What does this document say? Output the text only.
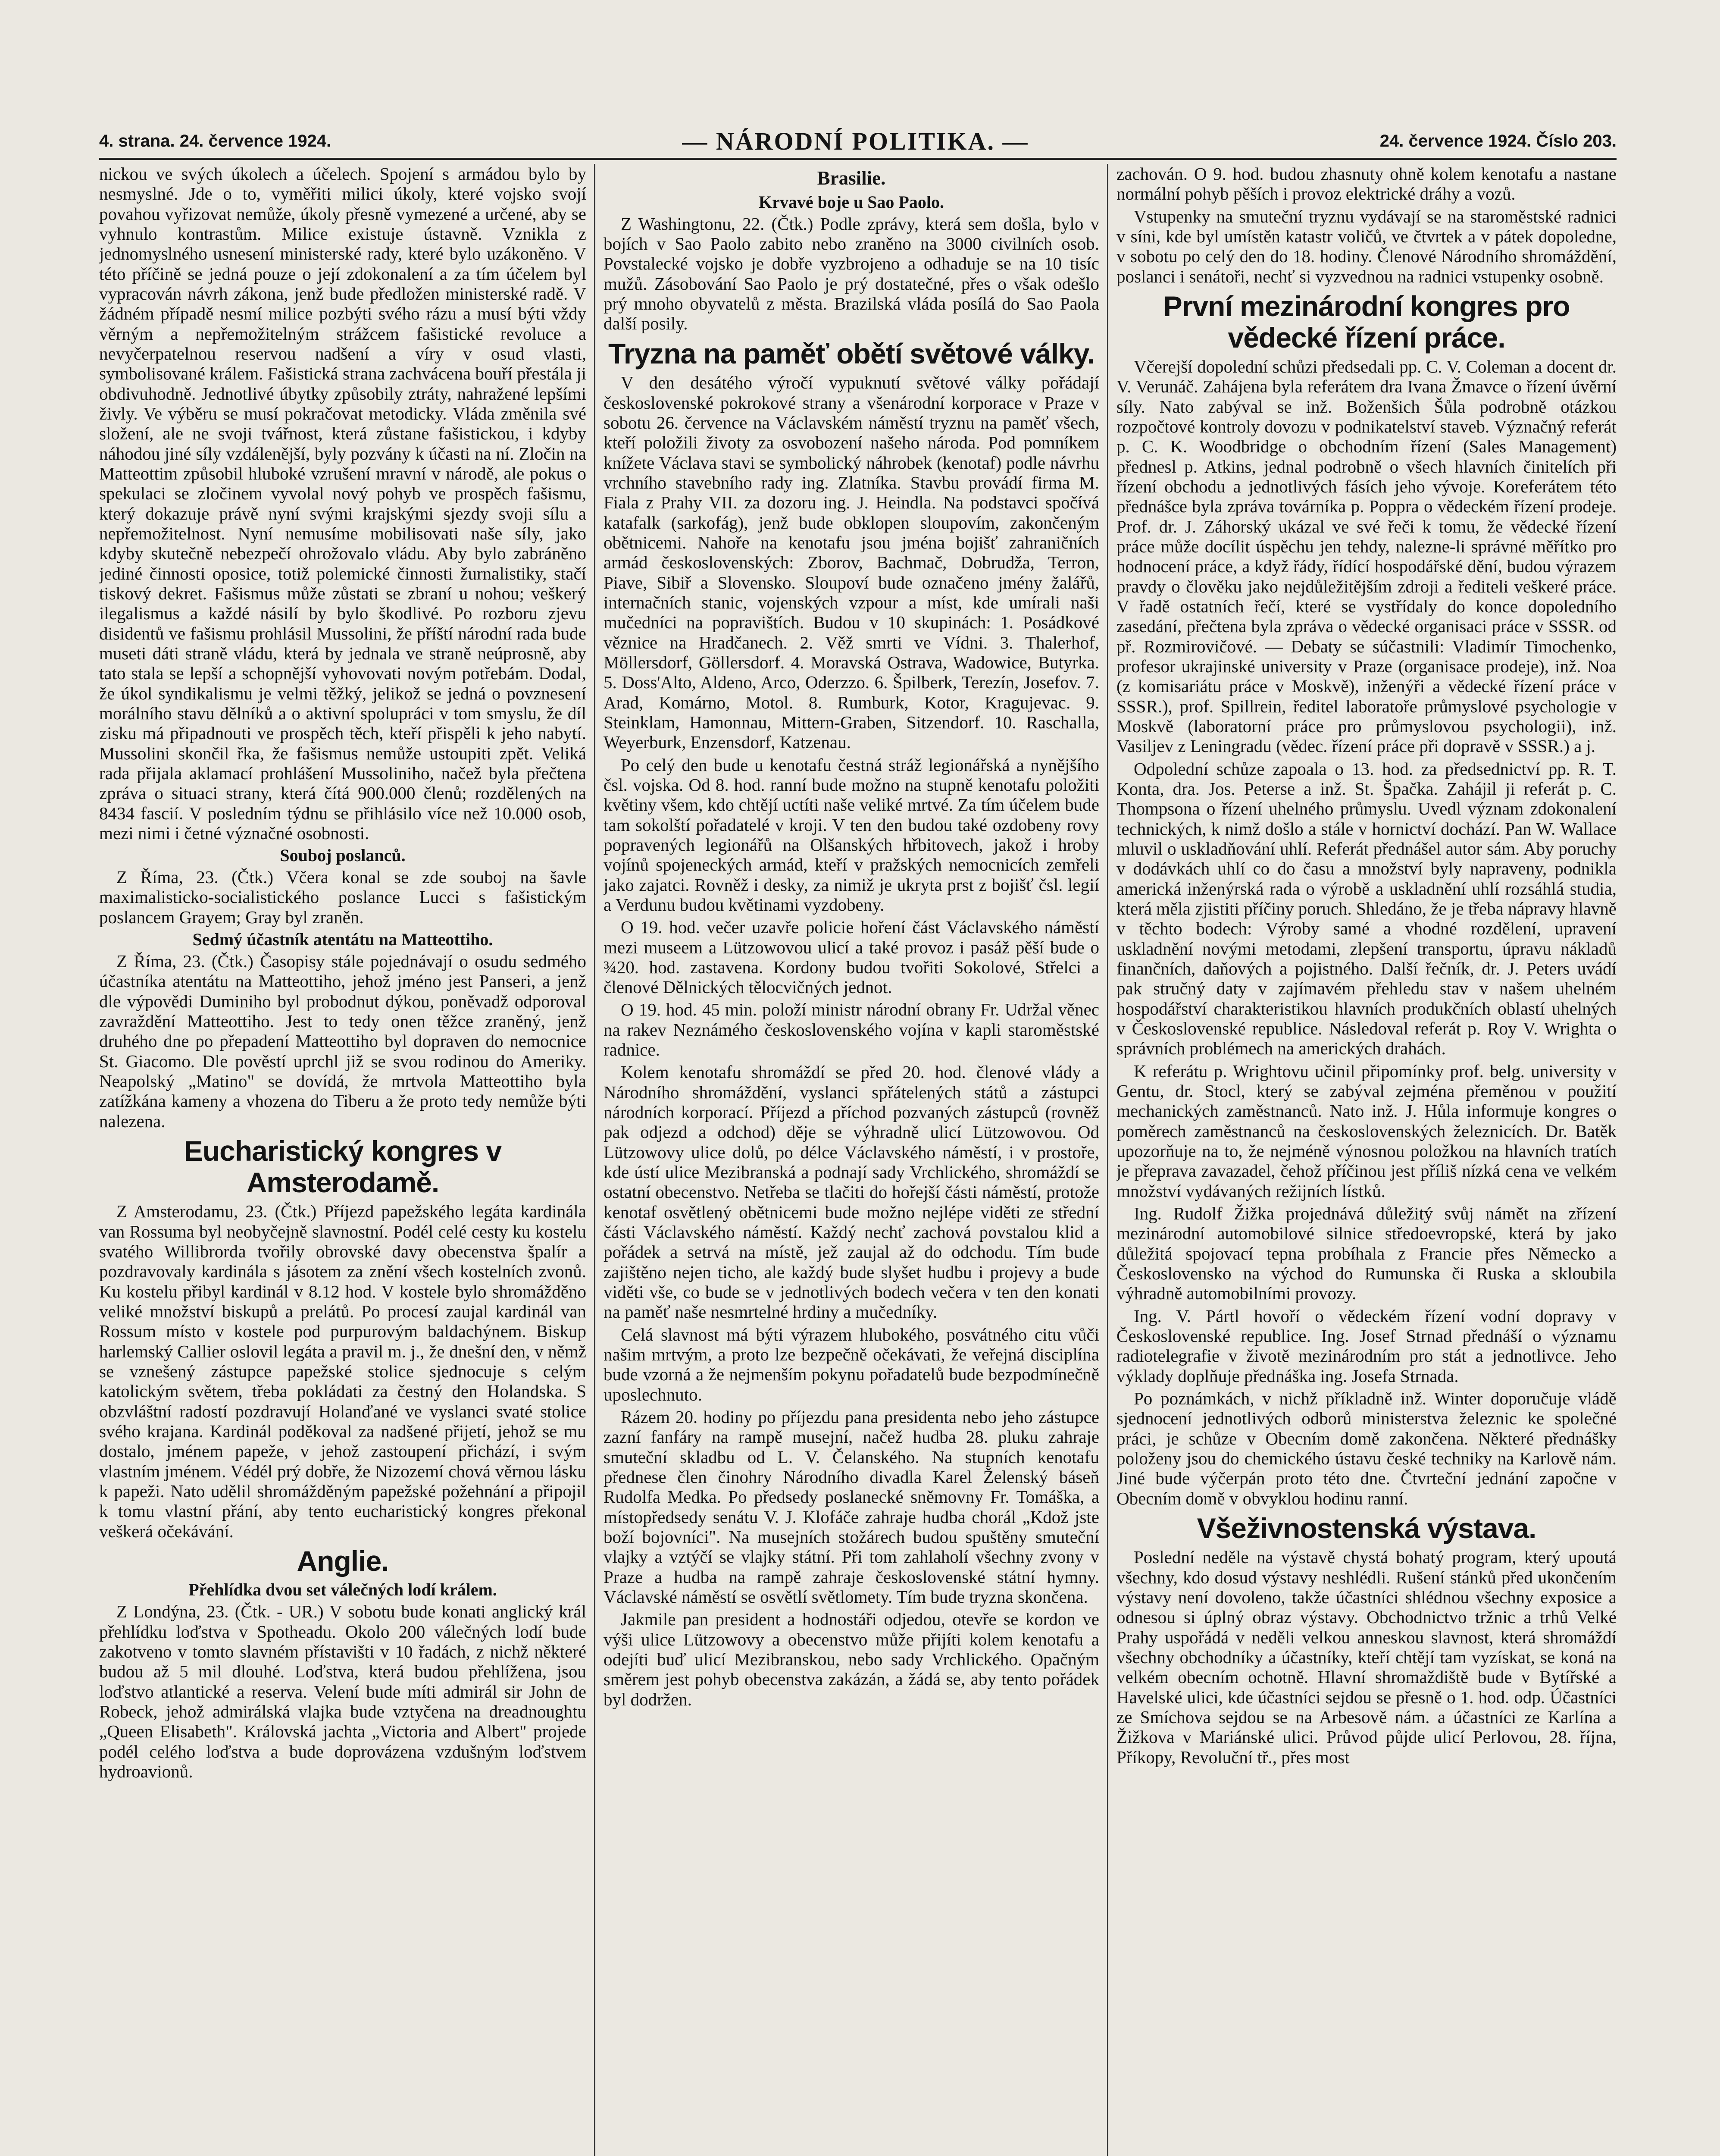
4. strana. 24. července 1924.	— NÁRODNÍ POLITIKA. —	24. července 1924. Číslo 203.

nickou ve svých úkolech a účelech. Spojení s armádou bylo by nesmyslné. Jde o to, vyměřiti milici úkoly, které vojsko svojí povahou vyřizovat nemůže, úkoly přesně vymezené a určené, aby se vyhnulo kontrastům. Milice existuje ústavně. Vznikla z jednomyslného usnesení ministerské rady, které bylo uzákoněno. V této příčině se jedná pouze o její zdokonalení a za tím účelem byl vypracován návrh zákona, jenž bude předložen ministerské radě. V žádném případě nesmí milice pozbýti svého rázu a musí býti vždy věrným a nepřemožitelným strážcem fašistické revoluce a nevyčerpatelnou reservou nadšení a víry v osud vlasti, symbolisované králem. Fašistická strana zachvácena bouří přestála ji obdivuhodně. Jednotlivé úbytky způsobily ztráty, nahražené lepšími živly. Ve výběru se musí pokračovat metodicky. Vláda změnila své složení, ale ne svoji tvářnost, která zůstane fašistickou, i kdyby náhodou jiné síly vzdálenější, byly pozvány k účasti na ní. Zločin na Matteottim způsobil hluboké vzrušení mravní v národě, ale pokus o spekulaci se zločinem vyvolal nový pohyb ve prospěch fašismu, který dokazuje právě nyní svými krajskými sjezdy svoji sílu a nepřemožitelnost. Nyní nemusíme mobilisovati naše síly, jako kdyby skutečně nebezpečí ohrožovalo vládu. Aby bylo zabráněno jediné činnosti oposice, totiž polemické činnosti žurnalistiky, stačí tiskový dekret. Fašismus může zůstati se zbraní u nohou; veškerý ilegalismus a každé násilí by bylo škodlivé. Po rozboru zjevu disidentů ve fašismu prohlásil Mussolini, že příští národní rada bude museti dáti straně vládu, která by jednala ve straně neúprosně, aby tato stala se lepší a schopnější vyhovovati novým potřebám. Dodal, že úkol syndikalismu je velmi těžký, jelikož se jedná o povznesení morálního stavu dělníků a o aktivní spolupráci v tom smyslu, že díl zisku má připadnouti ve prospěch těch, kteří přispěli k jeho nabytí. Mussolini skončil řka, že fašismus nemůže ustoupiti zpět. Veliká rada přijala aklamací prohlášení Mussoliniho, načež byla přečtena zpráva o situaci strany, která čítá 900.000 členů; rozdělených na 8434 fascií. V posledním týdnu se přihlásilo více než 10.000 osob, mezi nimi i četné význačné osobnosti.

Souboj poslanců.

Z Říma, 23. (Čtk.) Včera konal se zde souboj na šavle maximalisticko-socialistického poslance Lucci s fašistickým poslancem Grayem; Gray byl zraněn.

Sedmý účastník atentátu na Matteottiho.

Z Říma, 23. (Čtk.) Časopisy stále pojednávají o osudu sedmého účastníka atentátu na Matteottiho, jehož jméno jest Panseri, a jenž dle výpovědi Duminiho byl probodnut dýkou, poněvadž odporoval zavraždění Matteottiho. Jest to tedy onen těžce zraněný, jenž druhého dne po přepadení Matteottiho byl dopraven do nemocnice St. Giacomo. Dle pověstí uprchl již se svou rodinou do Ameriky. Neapolský „Matino" se dovídá, že mrtvola Matteottiho byla zatížkána kameny a vhozena do Tiberu a že proto tedy nemůže býti nalezena.

Eucharistický kongres v Amsterodamě.

Z Amsterodamu, 23. (Čtk.) Příjezd papežského legáta kardinála van Rossuma byl neobyčejně slavnostní. Podél celé cesty ku kostelu svatého Willibrorda tvořily obrovské davy obecenstva špalír a pozdravovaly kardinála s jásotem za znění všech kostelních zvonů. Ku kostelu přibyl kardinál v 8.12 hod. V kostele bylo shromážděno veliké množství biskupů a prelátů. Po procesí zaujal kardinál van Rossum místo v kostele pod purpurovým baldachýnem. Biskup harlemský Callier oslovil legáta a pravil m. j., že dnešní den, v němž se vznešený zástupce papežské stolice sjednocuje s celým katolickým světem, třeba pokládati za čestný den Holandska. S obzvláštní radostí pozdravují Holanďané ve vyslanci svaté stolice svého krajana. Kardinál poděkoval za nadšené přijetí, jehož se mu dostalo, jménem papeže, v jehož zastoupení přichází, i svým vlastním jménem. Védél prý dobře, že Nizozemí chová věrnou lásku k papeži. Nato udělil shromážděným papežské požehnání a připojil k tomu vlastní přání, aby tento eucharistický kongres překonal veškerá očekávání.

Anglie.
Přehlídka dvou set válečných lodí králem.

Z Londýna, 23. (Čtk. - UR.) V sobotu bude konati anglický král přehlídku loďstva v Spotheadu. Okolo 200 válečných lodí bude zakotveno v tomto slavném přístavišti v 10 řadách, z nichž některé budou až 5 mil dlouhé. Loďstva, která budou přehlížena, jsou loďstvo atlantické a reserva. Velení bude míti admirál sir John de Robeck, jehož admirálská vlajka bude vztyčena na dreadnoughtu „Queen Elisabeth". Královská jachta „Victoria and Albert" projede podél celého loďstva a bude doprovázena vzdušným loďstvem hydroavionů.

Brasilie.
Krvavé boje u Sao Paolo.

Z Washingtonu, 22. (Čtk.) Podle zprávy, která sem došla, bylo v bojích v Sao Paolo zabito nebo zraněno na 3000 civilních osob. Povstalecké vojsko je dobře vyzbrojeno a odhaduje se na 10 tisíc mužů. Zásobování Sao Paolo je prý dostatečné, přes o však odešlo prý mnoho obyvatelů z města. Brazilská vláda posílá do Sao Paola další posily.

Tryzna na paměť obětí světové války.

V den desátého výročí vypuknutí světové války pořádají československé pokrokové strany a všenárodní korporace v Praze v sobotu 26. července na Václavském náměstí tryznu na paměť všech, kteří položili životy za osvobození našeho národa. Pod pomníkem knížete Václava stavi se symbolický náhrobek (kenotaf) podle návrhu vrchního stavebního rady ing. Zlatníka. Stavbu provádí firma M. Fiala z Prahy VII. za dozoru ing. J. Heindla. Na podstavci spočívá katafalk (sarkofág), jenž bude obklopen sloupovím, zakončeným obětnicemi. Nahoře na kenotafu jsou jména bojišť zahraničních armád československých: Zborov, Bachmač, Dobrudža, Terron, Piave, Sibiř a Slovensko. Sloupoví bude označeno jmény žalářů, internačních stanic, vojenských vzpour a míst, kde umírali naši mučedníci na popravištích. Budou v 10 skupinách: 1. Posádkové věznice na Hradčanech. 2. Věž smrti ve Vídni. 3. Thalerhof, Möllersdorf, Göllersdorf. 4. Moravská Ostrava, Wadowice, Butyrka. 5. Doss'Alto, Aldeno, Arco, Oderzzo. 6. Špilberk, Terezín, Josefov. 7. Arad, Komárno, Motol. 8. Rumburk, Kotor, Kragujevac. 9. Steinklam, Hamonnau, Mittern-Graben, Sitzendorf. 10. Raschalla, Weyerburk, Enzensdorf, Katzenau.

Po celý den bude u kenotafu čestná stráž legionářská a nynějšího čsl. vojska. Od 8. hod. ranní bude možno na stupně kenotafu položiti květiny všem, kdo chtějí uctíti naše veliké mrtvé. Za tím účelem bude tam sokolští pořadatelé v kroji. V ten den budou také ozdobeny rovy popravených legionářů na Olšanských hřbitovech, jakož i hroby vojínů spojeneckých armád, kteří v pražských nemocnicích zemřeli jako zajatci. Rovněž i desky, za nimiž je ukryta prst z bojišť čsl. legií a Verdunu budou květinami vyzdobeny.

O 19. hod. večer uzavře policie hoření část Václavského náměstí mezi museem a Lützowovou ulicí a také provoz i pasáž pěší bude o ¾20. hod. zastavena. Kordony budou tvořiti Sokolové, Střelci a členové Dělnických tělocvičných jednot.

O 19. hod. 45 min. položí ministr národní obrany Fr. Udržal věnec na rakev Neznámého československého vojína v kapli staroměstské radnice.

Kolem kenotafu shromáždí se před 20. hod. členové vlády a Národního shromáždění, vyslanci spřátelených států a zástupci národních korporací. Příjezd a příchod pozvaných zástupců (rovněž pak odjezd a odchod) děje se výhradně ulicí Lützowovou. Od Lützowovy ulice dolů, po délce Václavského náměstí, i v prostoře, kde ústí ulice Mezibranská a podnají sady Vrchlického, shromáždí se ostatní obecenstvo. Netřeba se tlačiti do hořejší části náměstí, protože kenotaf osvětlený obětnicemi bude možno nejlépe viděti ze střední části Václavského náměstí. Každý nechť zachová povstalou klid a pořádek a setrvá na místě, jež zaujal až do odchodu. Tím bude zajištěno nejen ticho, ale každý bude slyšet hudbu i projevy a bude viděti vše, co bude se v jednotlivých bodech večera v ten den konati na paměť naše nesmrtelné hrdiny a mučedníky.

Celá slavnost má býti výrazem hlubokého, posvátného citu vůči našim mrtvým, a proto lze bezpečně očekávati, že veřejná disciplína bude vzorná a že nejmenším pokynu pořadatelů bude bezpodmínečně uposlechnuto.

Rázem 20. hodiny po příjezdu pana presidenta nebo jeho zástupce zazní fanfáry na rampě musejní, načež hudba 28. pluku zahraje smuteční skladbu od L. V. Čelanského. Na stupních kenotafu přednese člen činohry Národního divadla Karel Želenský báseň Rudolfa Medka. Po předsedy poslanecké sněmovny Fr. Tomáška, a místopředsedy senátu V. J. Klofáče zahraje hudba chorál „Kdož jste boží bojovníci". Na musejních stožárech budou spuštěny smuteční vlajky a vztýčí se vlajky státní. Při tom zahlaholí všechny zvony v Praze a hudba na rampě zahraje československé státní hymny. Václavské náměstí se osvětlí světlomety. Tím bude tryzna skončena.

Jakmile pan president a hodnostáři odjedou, otevře se kordon ve výši ulice Lützowovy a obecenstvo může přijíti kolem kenotafu a odejíti buď ulicí Mezibranskou, nebo sady Vrchlického. Opačným směrem jest pohyb obecenstva zakázán, a žádá se, aby tento pořádek byl dodržen.

zachován. O 9. hod. budou zhasnuty ohně kolem kenotafu a nastane normální pohyb pěších i provoz elektrické dráhy a vozů.

Vstupenky na smuteční tryznu vydávají se na staroměstské radnici v síni, kde byl umístěn katastr voličů, ve čtvrtek a v pátek dopoledne, v sobotu po celý den do 18. hodiny. Členové Národního shromáždění, poslanci i senátoři, nechť si vyzvednou na radnici vstupenky osobně.

První mezinárodní kongres pro vědecké řízení práce.

Včerejší dopolední schůzi předsedali pp. C. V. Coleman a docent dr. V. Verunáč. Zahájena byla referátem dra Ivana Žmavce o řízení úvěrní síly. Nato zabýval se inž. Boženšich Šůla podrobně otázkou rozpočtové kontroly dovozu v podnikatelství staveb. Význačný referát p. C. K. Woodbridge o obchodním řízení (Sales Management) přednesl p. Atkins, jednal podrobně o všech hlavních činitelích při řízení obchodu a jednotlivých fásích jeho vývoje. Koreferátem této přednášce byla zpráva továrníka p. Poppra o vědeckém řízení prodeje. Prof. dr. J. Záhorský ukázal ve své řeči k tomu, že vědecké řízení práce může docílit úspěchu jen tehdy, nalezne-li správné měřítko pro hodnocení práce, a když řády, řídící hospodářské dění, budou výrazem pravdy o člověku jako nejdůležitějším zdroji a řediteli veškeré práce. V řadě ostatních řečí, které se vystřídaly do konce dopoledního zasedání, přečtena byla zpráva o vědecké organisaci práce v SSSR. od př. Rozmirovičové. — Debaty se súčastnili: Vladimír Timochenko, profesor ukrajinské university v Praze (organisace prodeje), inž. Noa (z komisariátu práce v Moskvě), inženýři a vědecké řízení práce v SSSR.), prof. Spillrein, ředitel laboratoře průmyslové psychologie v Moskvě (laboratorní práce pro průmyslovou psychologii), inž. Vasiljev z Leningradu (vědec. řízení práce při dopravě v SSSR.) a j.

Odpolední schůze zapoala o 13. hod. za předsednictví pp. R. T. Konta, dra. Jos. Peterse a inž. St. Špačka. Zahájil ji referát p. C. Thompsona o řízení uhelného průmyslu. Uvedl význam zdokonalení technických, k nimž došlo a stále v hornictví dochází. Pan W. Wallace mluvil o uskladňování uhlí. Referát přednášel autor sám. Aby poruchy v dodávkách uhlí co do času a množství byly napraveny, podnikla americká inženýrská rada o výrobě a uskladnění uhlí rozsáhlá studia, která měla zjistiti příčiny poruch. Shledáno, že je třeba nápravy hlavně v těchto bodech: Výroby samé a vhodné rozdělení, upravení uskladnění novými metodami, zlepšení transportu, úpravu nákladů finančních, daňových a pojistného. Další řečník, dr. J. Peters uvádí pak stručný daty v zajímavém přehledu stav v našem uhelném hospodářství charakteristikou hlavních produkčních oblastí uhelných v Československé republice. Následoval referát p. Roy V. Wrighta o správních problémech na amerických drahách.

K referátu p. Wrightovu učinil připomínky prof. belg. university v Gentu, dr. Stocl, který se zabýval zejména přeměnou v použití mechanických zaměstnanců. Nato inž. J. Hůla informuje kongres o poměrech zaměstnanců na československých železnicích. Dr. Batěk upozorňuje na to, že nejméně výnosnou položkou na hlavních tratích je přeprava zavazadel, čehož příčinou jest příliš nízká cena ve velkém množství vydávaných režijních lístků.

Ing. Rudolf Žižka projednává důležitý svůj námět na zřízení mezinárodní automobilové silnice středoevropské, která by jako důležitá spojovací tepna probíhala z Francie přes Německo a Československo na východ do Rumunska či Ruska a skloubila výhradně automobilními provozy.

Ing. V. Pártl hovoří o vědeckém řízení vodní dopravy v Československé republice. Ing. Josef Strnad přednáší o významu radiotelegrafie v životě mezinárodním pro stát a jednotlivce. Jeho výklady doplňuje přednáška ing. Josefa Strnada.

Po poznámkách, v nichž příkladně inž. Winter doporučuje vládě sjednocení jednotlivých odborů ministerstva železnic ke společné práci, je schůze v Obecním domě zakončena. Některé přednášky položeny jsou do chemického ústavu české techniky na Karlově nám. Jiné bude výčerpán proto této dne. Čtvrteční jednání započne v Obecním domě v obvyklou hodinu ranní.

Všeživnostenská výstava.

Poslední neděle na výstavě chystá bohatý program, který upoutá všechny, kdo dosud výstavy neshlédli. Rušení stánků před ukončením výstavy není dovoleno, takže účastníci shlédnou všechny exposice a odnesou si úplný obraz výstavy. Obchodnictvo tržnic a trhů Velké Prahy uspořádá v neděli velkou anneskou slavnost, která shromáždí všechny obchodníky a účastníky, kteří chtějí tam vyzískat, se koná na velkém obecním ochotně. Hlavní shromaždiště bude v Bytířské a Havelské ulici, kde účastníci sejdou se přesně o 1. hod. odp. Účastníci ze Smíchova sejdou se na Arbesově nám. a účastníci ze Karlína a Žižkova v Mariánské ulici. Průvod půjde ulicí Perlovou, 28. října, Příkopy, Revoluční tř., přes most
